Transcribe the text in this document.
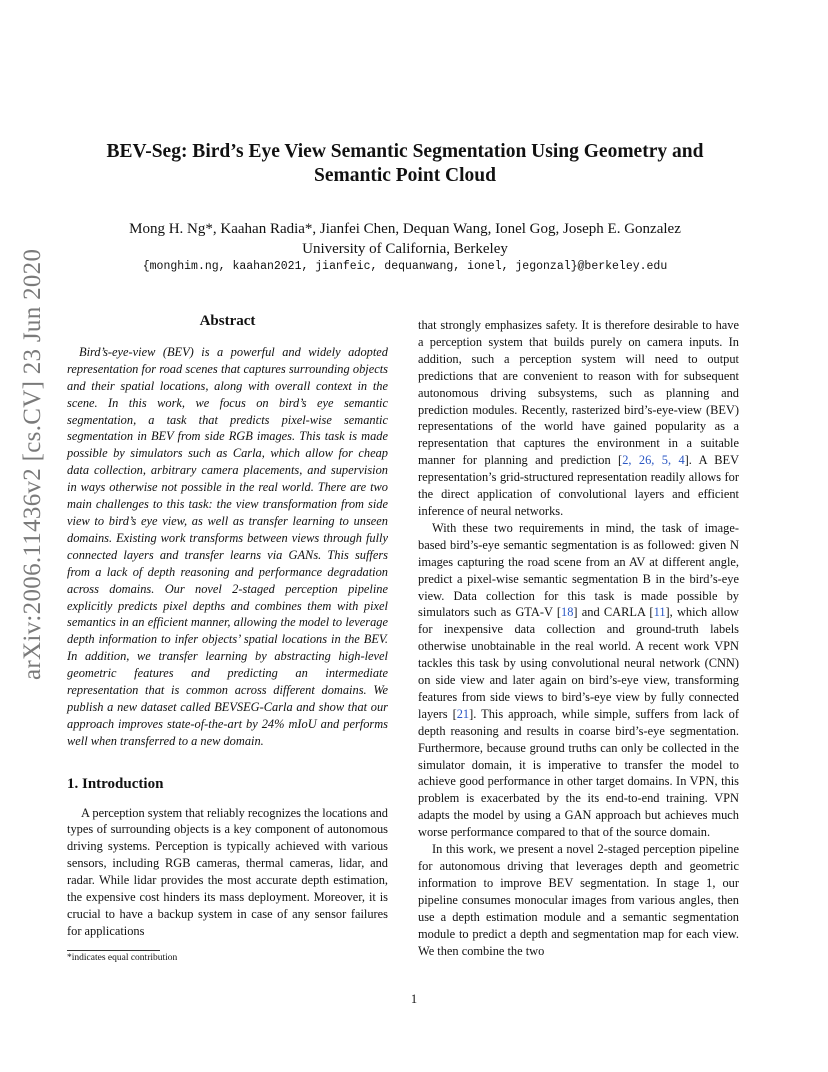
arXiv:2006.11436v2 [cs.CV] 23 Jun 2020
BEV-Seg: Bird’s Eye View Semantic Segmentation Using Geometry and
Semantic Point Cloud
Mong H. Ng*, Kaahan Radia*, Jianfei Chen, Dequan Wang, Ionel Gog, Joseph E. Gonzalez
University of California, Berkeley
{monghim.ng, kaahan2021, jianfeic, dequanwang, ionel, jegonzal}@berkeley.edu
Abstract

Bird’s-eye-view (BEV) is a powerful and widely adopted representation for road scenes that captures surrounding objects and their spatial locations, along with overall context in the scene. In this work, we focus on bird’s eye semantic segmentation, a task that predicts pixel-wise semantic segmentation in BEV from side RGB images. This task is made possible by simulators such as Carla, which allow for cheap data collection, arbitrary camera placements, and supervision in ways otherwise not possible in the real world. There are two main challenges to this task: the view transformation from side view to bird’s eye view, as well as transfer learning to unseen domains. Existing work transforms between views through fully connected layers and transfer learns via GANs. This suffers from a lack of depth reasoning and performance degradation across domains. Our novel 2-staged perception pipeline explicitly predicts pixel depths and combines them with pixel semantics in an efficient manner, allowing the model to leverage depth information to infer objects’ spatial locations in the BEV. In addition, we transfer learning by abstracting high-level geometric features and predicting an intermediate representation that is common across different domains. We publish a new dataset called BEVSEG-Carla and show that our approach improves state-of-the-art by 24% mIoU and performs well when transferred to a new domain.

1. Introduction

A perception system that reliably recognizes the locations and types of surrounding objects is a key component of autonomous driving systems. Perception is typically achieved with various sensors, including RGB cameras, thermal cameras, lidar, and radar. While lidar provides the most accurate depth estimation, the expensive cost hinders its mass deployment. Moreover, it is crucial to have a backup system in case of any sensor failures for applications

that strongly emphasizes safety. It is therefore desirable to have a perception system that builds purely on camera inputs. In addition, such a perception system will need to output predictions that are convenient to reason with for subsequent autonomous driving subsystems, such as planning and prediction modules. Recently, rasterized bird’s-eye-view (BEV) representations of the world have gained popularity as a representation that captures the environment in a suitable manner for planning and prediction [2, 26, 5, 4]. A BEV representation’s grid-structured representation readily allows for the direct application of convolutional layers and efficient inference of neural networks.

With these two requirements in mind, the task of image-based bird’s-eye semantic segmentation is as followed: given N images capturing the road scene from an AV at different angle, predict a pixel-wise semantic segmentation B in the bird’s-eye view. Data collection for this task is made possible by simulators such as GTA-V [18] and CARLA [11], which allow for inexpensive data collection and ground-truth labels otherwise unobtainable in the real world. A recent work VPN tackles this task by using convolutional neural network (CNN) on side view and later again on bird’s-eye view, transforming features from side views to bird’s-eye view by fully connected layers [21]. This approach, while simple, suffers from lack of depth reasoning and results in coarse bird’s-eye segmentation. Furthermore, because ground truths can only be collected in the simulator domain, it is imperative to transfer the model to achieve good performance in other target domains. In VPN, this problem is exacerbated by the its end-to-end training. VPN adapts the model by using a GAN approach but achieves much worse performance compared to that of the source domain.

In this work, we present a novel 2-staged perception pipeline for autonomous driving that leverages depth and geometric information to improve BEV segmentation. In stage 1, our pipeline consumes monocular images from various angles, then use a depth estimation module and a semantic segmentation module to predict a depth and segmentation map for each view. We then combine the two

*indicates equal contribution
1
